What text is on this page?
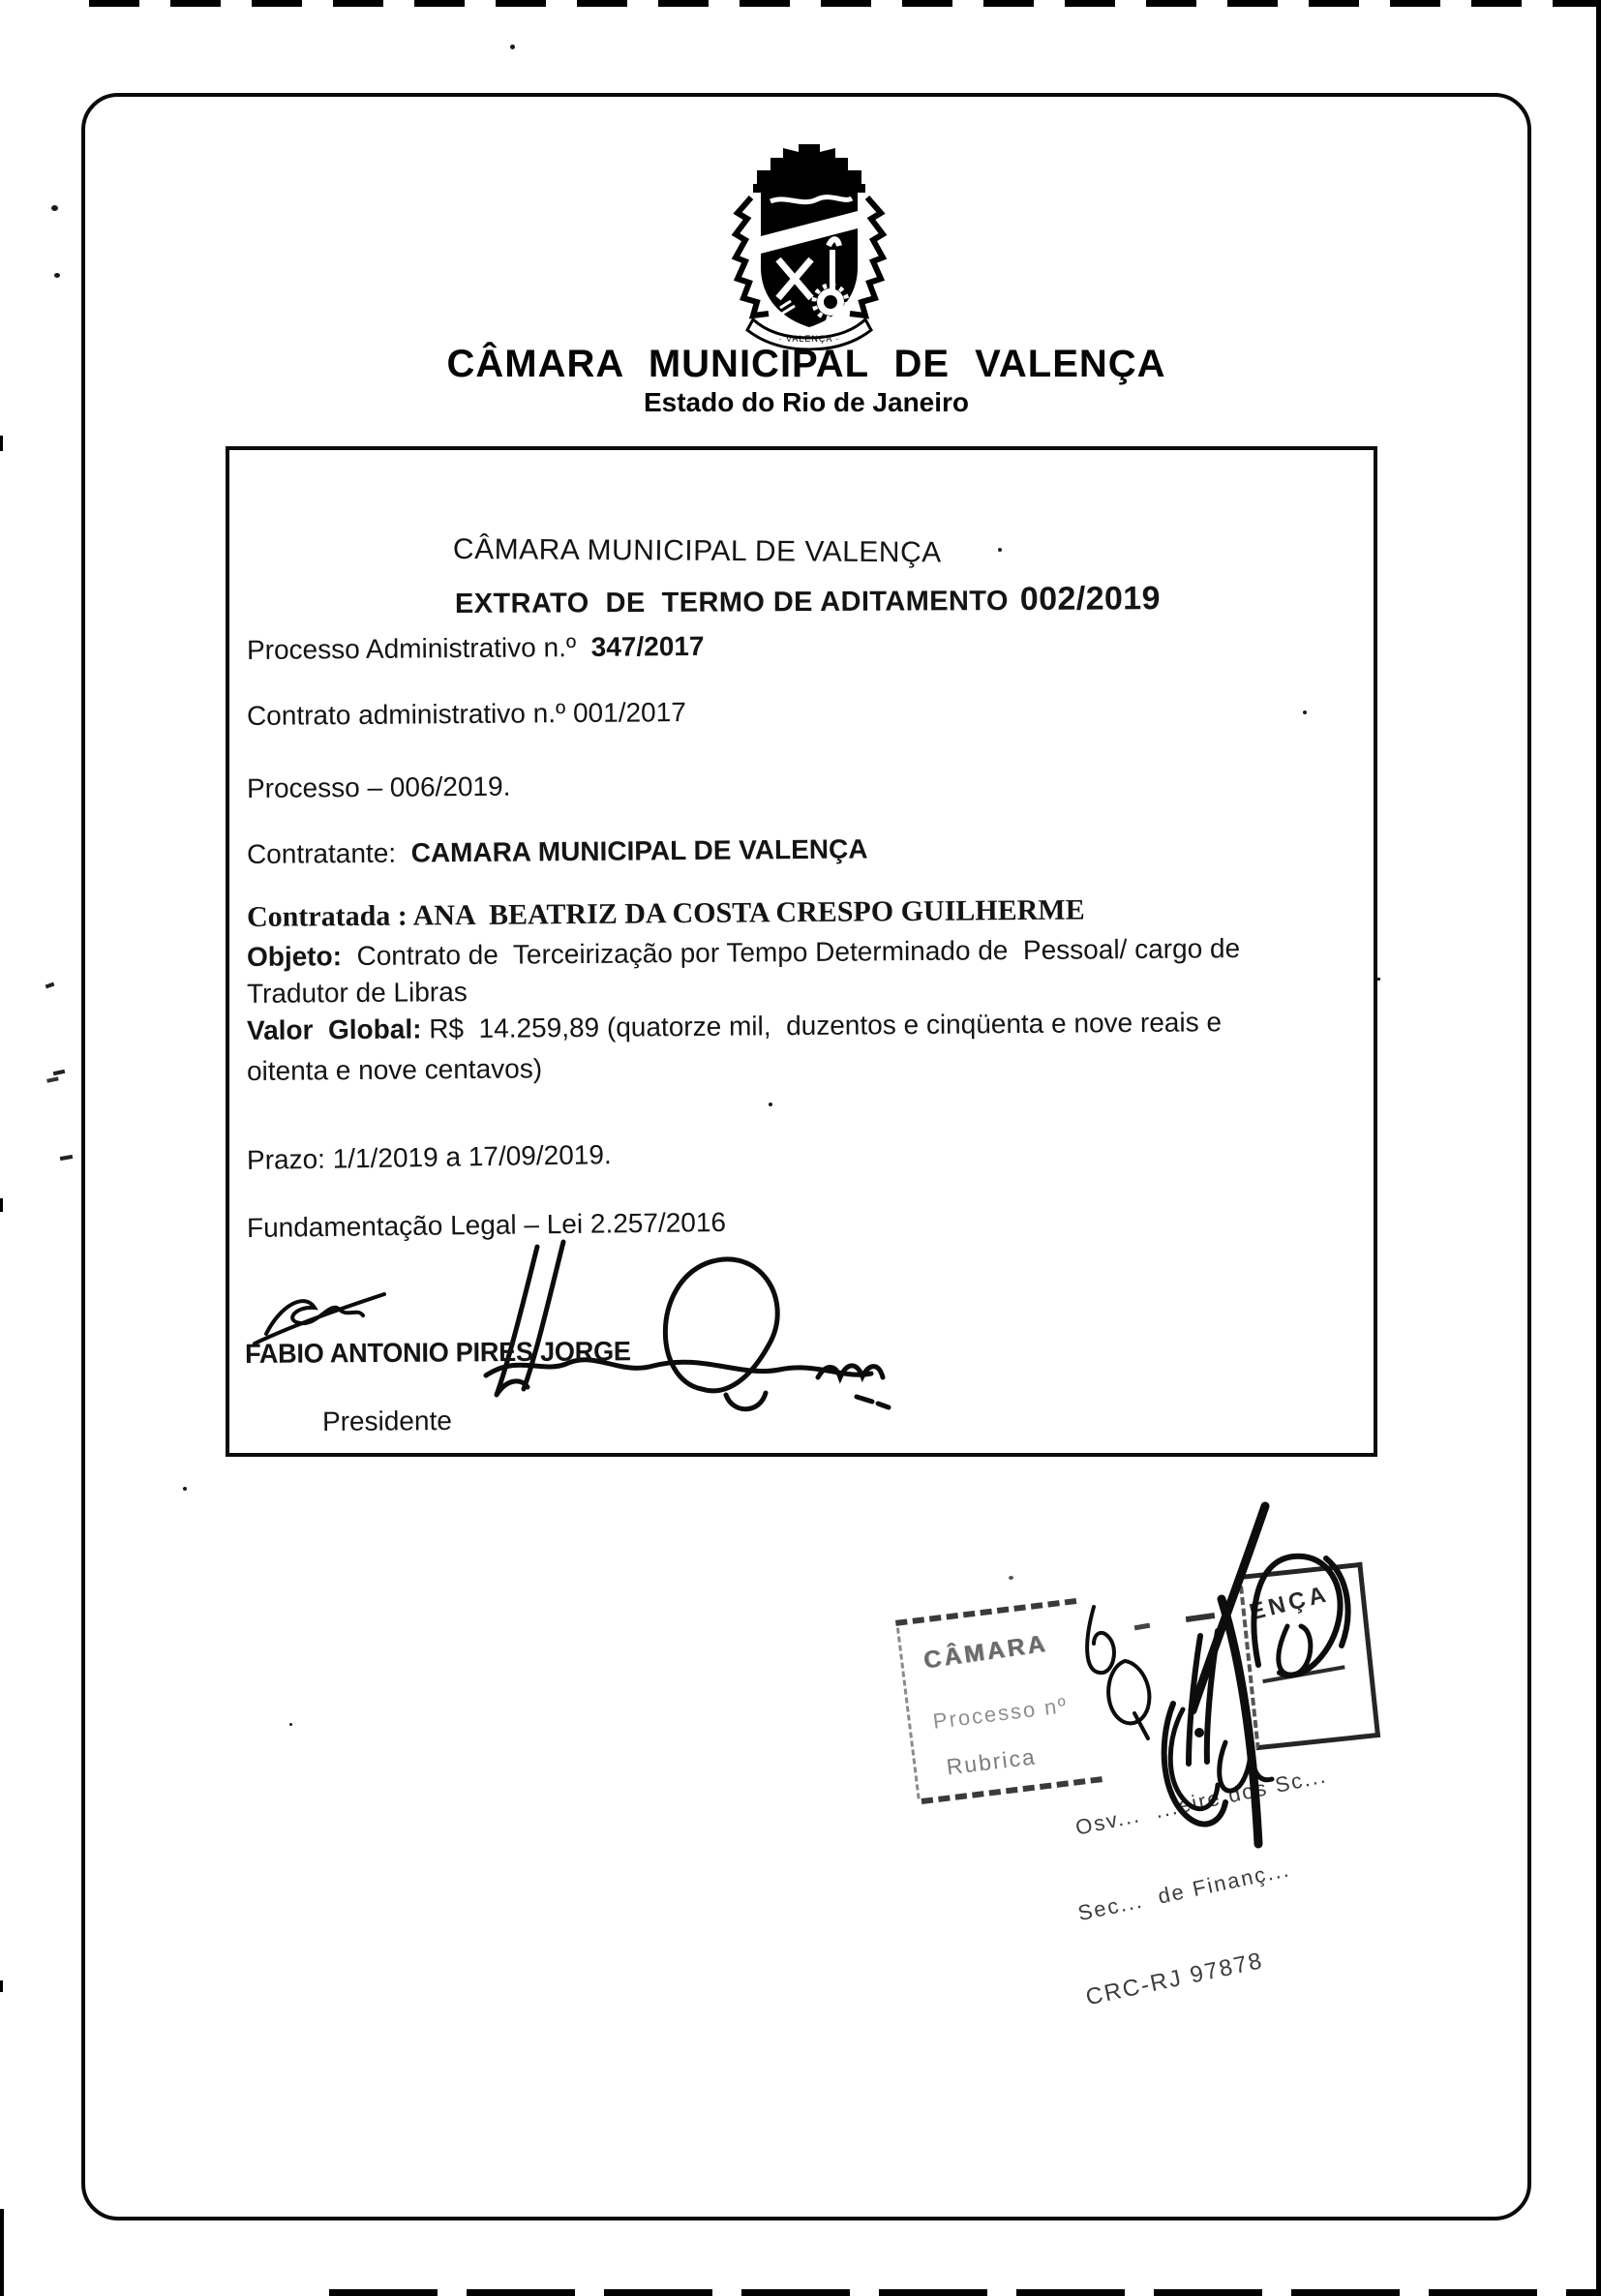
· VALENÇA ·
CÂMARA MUNICIPAL DE VALENÇA
Estado do Rio de Janeiro
CÂMARA MUNICIPAL DE VALENÇA
EXTRATO  DE  TERMO DE ADITAMENTO 002/2019
Processo Administrativo n.º  347/2017
Contrato administrativo n.º 001/2017
Processo – 006/2019.
Contratante:  CAMARA MUNICIPAL DE VALENÇA
Contratada : ANA  BEATRIZ DA COSTA CRESPO GUILHERME
Objeto:  Contrato de  Terceirização por Tempo Determinado de  Pessoal/ cargo de
Tradutor de Libras
Valor  Global: R$  14.259,89 (quatorze mil,  duzentos e cinqüenta e nove reais e
oitenta e nove centavos)
Prazo: 1/1/2019 a 17/09/2019.
Fundamentação Legal – Lei 2.257/2016
FABIO ANTONIO PIRES JORGE
Presidente
CÂMARA
Processo nº
Rubrica
ENÇA

Osv...  ...eire dos Sc...

Sec...  de Finanç...

CRC-RJ 97878
